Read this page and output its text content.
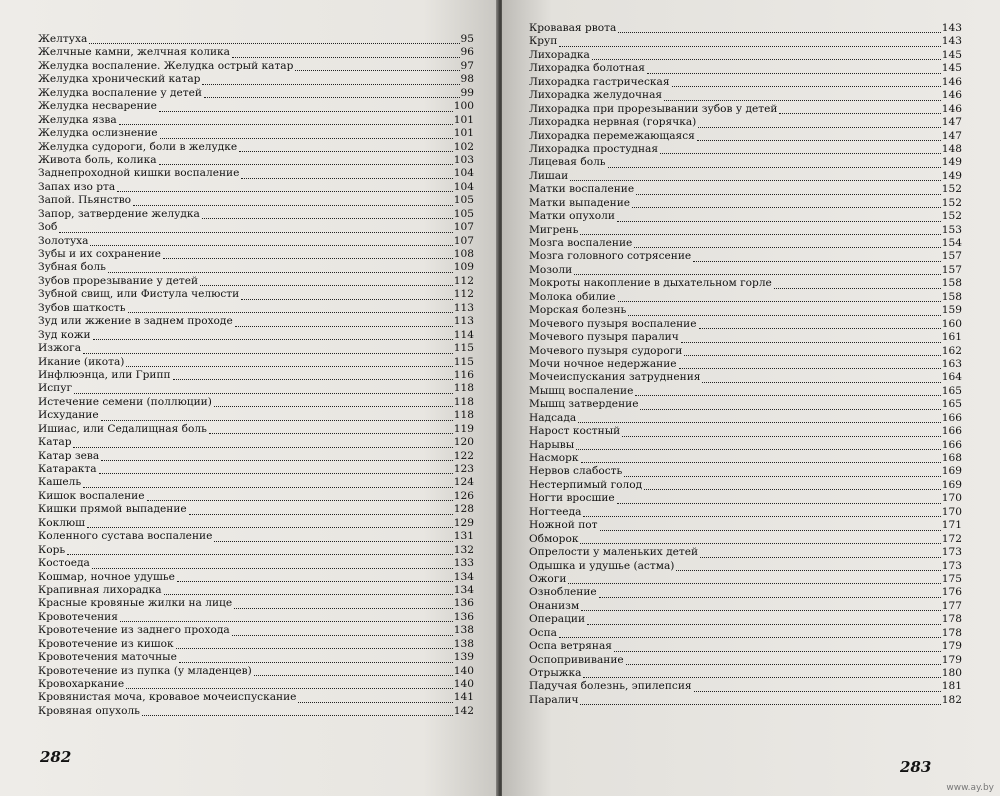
Желтуха	95
Желчные камни, желчная колика	96
Желудка воспаление. Желудка острый катар	97
Желудка хронический катар	98
Желудка воспаление у детей	99
Желудка несварение	100
Желудка язва	101
Желудка ослизнение	101
Желудка судороги, боли в желудке	102
Живота боль, колика	103
Заднепроходной кишки воспаление	104
Запах изо рта	104
Запой. Пьянство	105
Запор, затвердение желудка	105
Зоб	107
Золотуха	107
Зубы и их сохранение	108
Зубная боль	109
Зубов прорезывание у детей	112
Зубной свищ, или Фистула челюсти	112
Зубов шаткость	113
Зуд или жжение в заднем проходе	113
Зуд кожи	114
Изжога	115
Икание (икота)	115
Инфлюэнца, или Грипп	116
Испуг	118
Истечение семени (поллюции)	118
Исхудание	118
Ишиас, или Седалищная боль	119
Катар	120
Катар зева	122
Катаракта	123
Кашель	124
Кишок воспаление	126
Кишки прямой выпадение	128
Коклюш	129
Коленного сустава воспаление	131
Корь	132
Костоеда	133
Кошмар, ночное удушье	134
Крапивная лихорадка	134
Красные кровяные жилки на лице	136
Кровотечения	136
Кровотечение из заднего прохода	138
Кровотечение из кишок	138
Кровотечения маточные	139
Кровотечение из пупка (у младенцев)	140
Кровохаркание	140
Кровянистая моча, кровавое мочеиспускание	141
Кровяная опухоль	142
282
Кровавая рвота	143
Круп	143
Лихорадка	145
Лихорадка болотная	145
Лихорадка гастрическая	146
Лихорадка желудочная	146
Лихорадка при прорезывании зубов у детей	146
Лихорадка нервная (горячка)	147
Лихорадка перемежающаяся	147
Лихорадка простудная	148
Лицевая боль	149
Лишаи	149
Матки воспаление	152
Матки выпадение	152
Матки опухоли	152
Мигрень	153
Мозга воспаление	154
Мозга головного сотрясение	157
Мозоли	157
Мокроты накопление в дыхательном горле	158
Молока обилие	158
Морская болезнь	159
Мочевого пузыря воспаление	160
Мочевого пузыря паралич	161
Мочевого пузыря судороги	162
Мочи ночное недержание	163
Мочеиспускания затруднения	164
Мышц воспаление	165
Мышц затвердение	165
Надсада	166
Нарост костный	166
Нарывы	166
Насморк	168
Нервов слабость	169
Нестерпимый голод	169
Ногти вросшие	170
Ногтееда	170
Ножной пот	171
Обморок	172
Опрелости у маленьких детей	173
Одышка и удушье (астма)	173
Ожоги	175
Ознобление	176
Онанизм	177
Операции	178
Оспа	178
Оспа ветряная	179
Оспопрививание	179
Отрыжка	180
Падучая болезнь, эпилепсия	181
Паралич	182
283
www.ay.by
